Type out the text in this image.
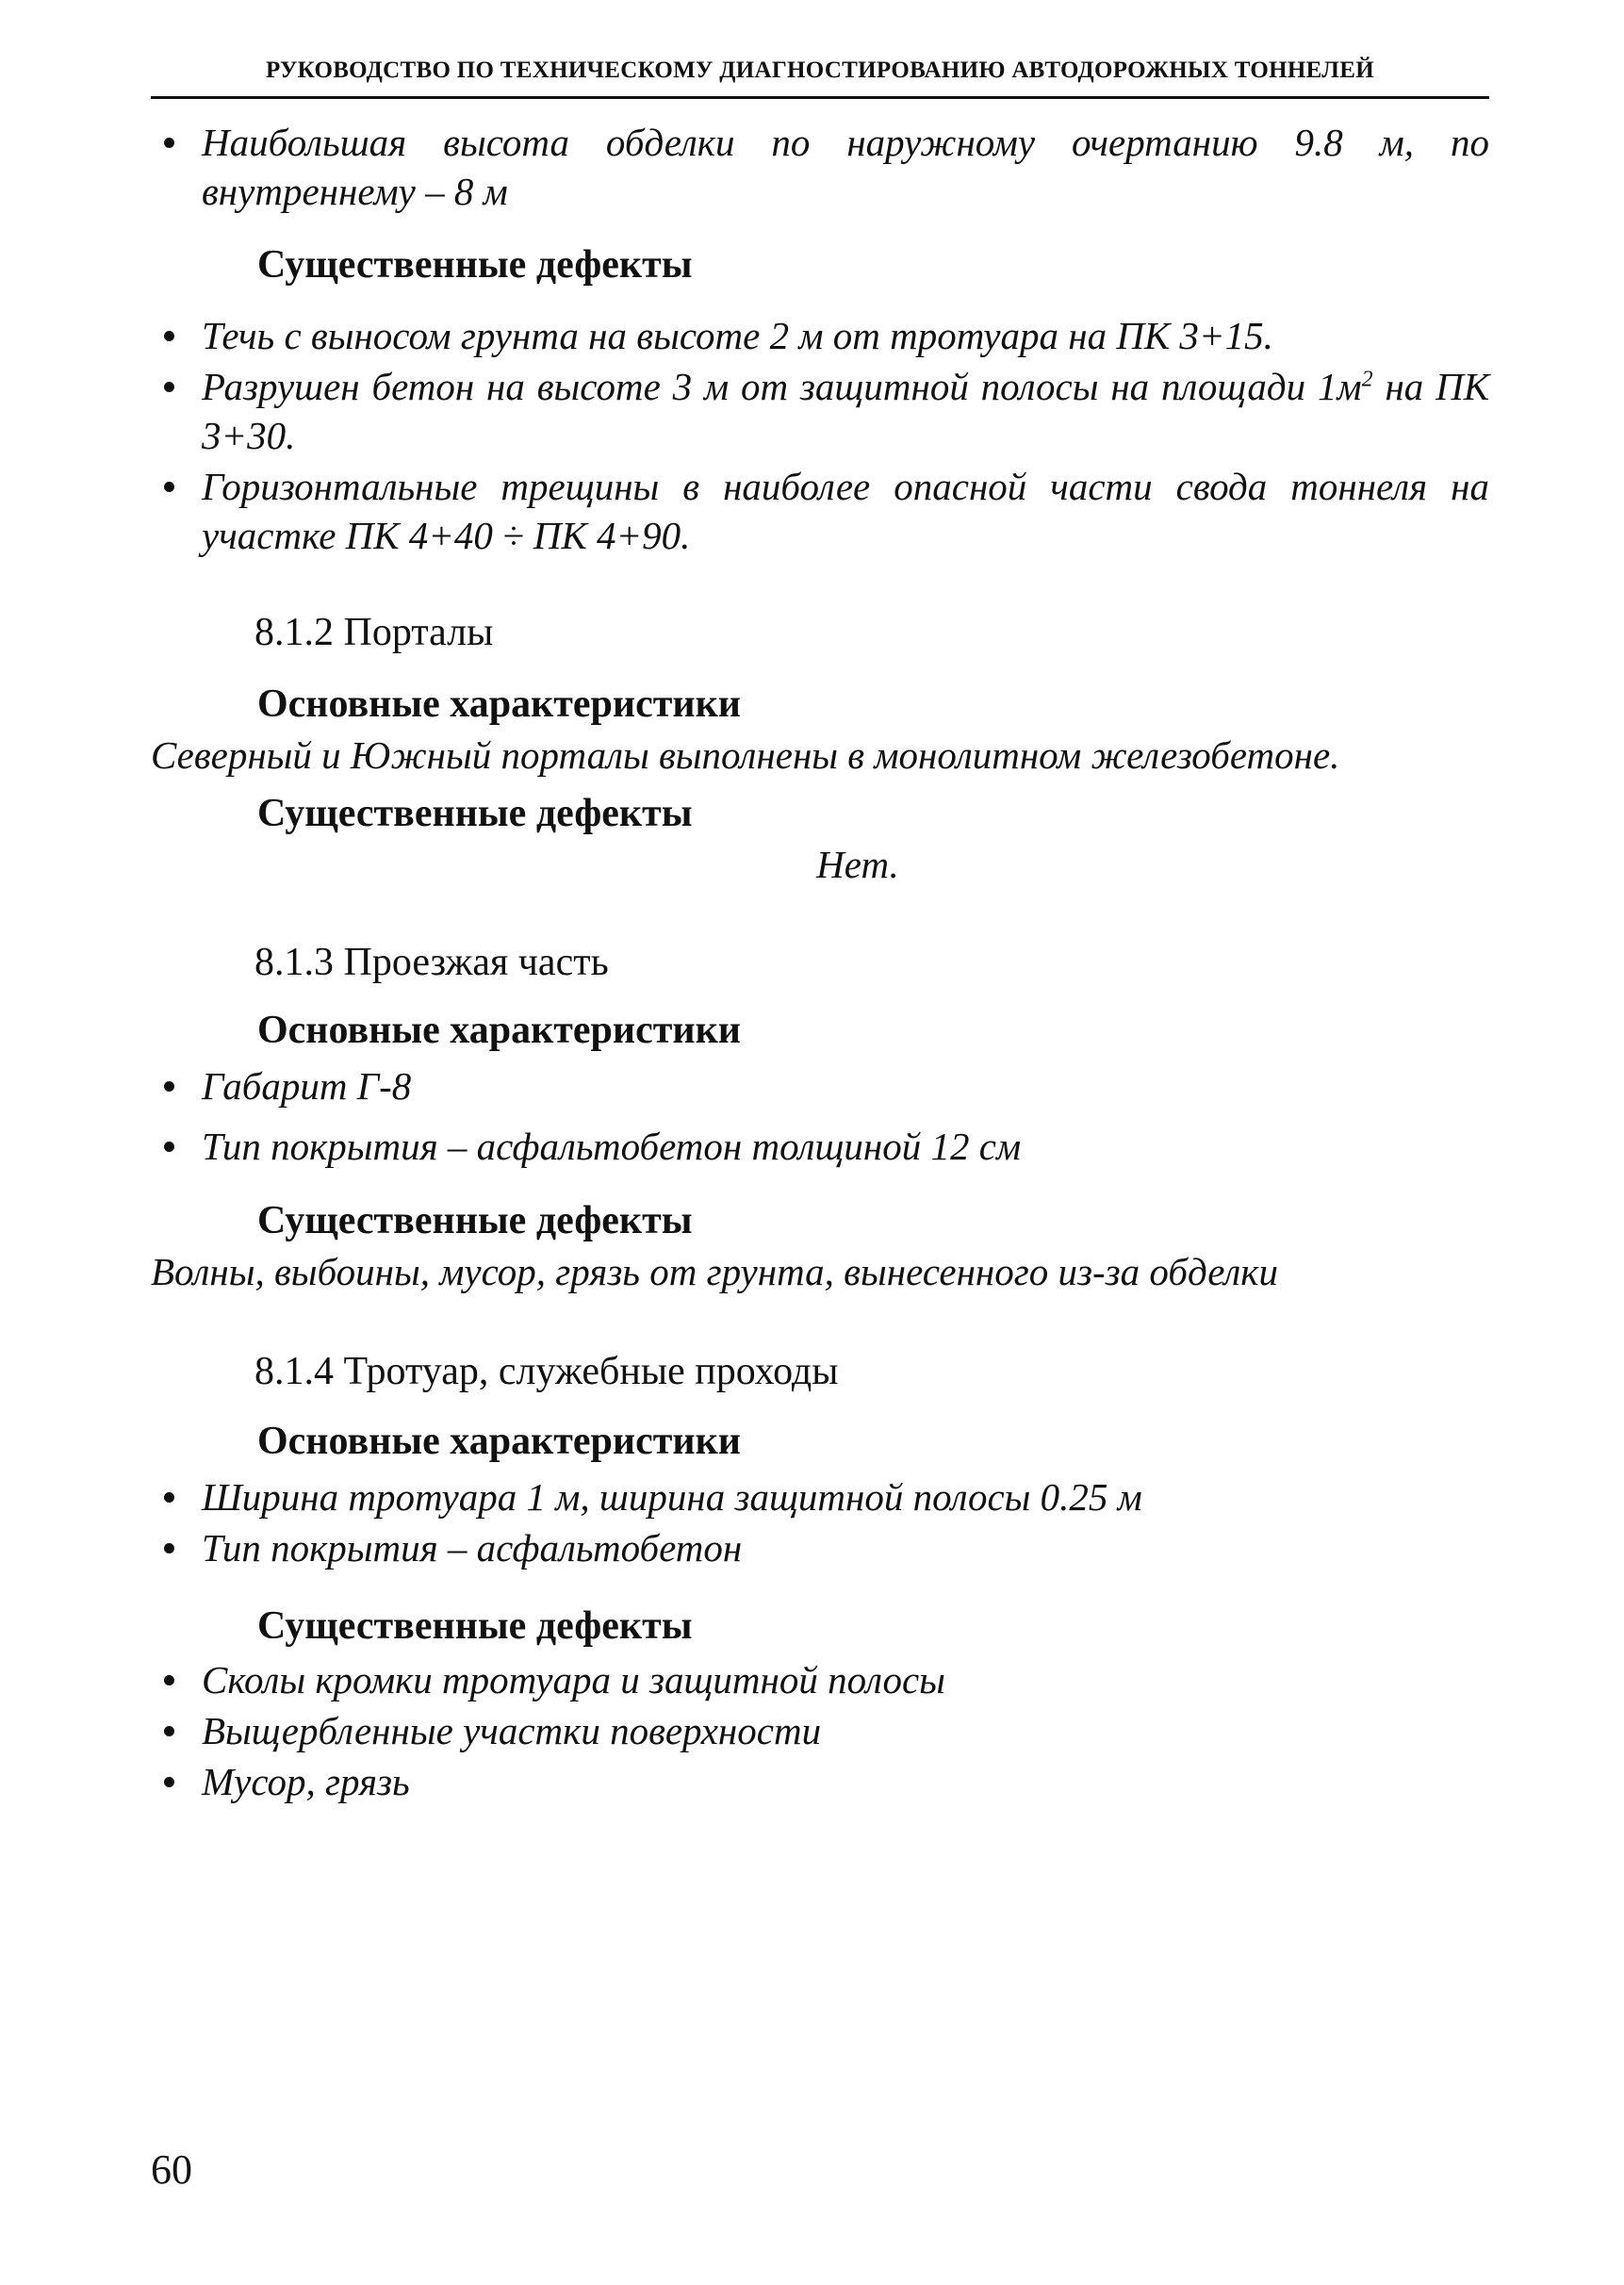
РУКОВОДСТВО ПО ТЕХНИЧЕСКОМУ ДИАГНОСТИРОВАНИЮ АВТОДОРОЖНЫХ ТОННЕЛЕЙ
Наибольшая высота обделки по наружному очертанию 9.8 м, по внутреннему – 8 м
Существенные дефекты
Течь с выносом грунта на высоте 2 м от тротуара на ПК 3+15.
Разрушен бетон на высоте 3 м от защитной полосы на площади $1м^2$ на ПК 3+30.
Горизонтальные трещины в наиболее опасной части свода тоннеля на участке ПК 4+40 ÷ ПК 4+90.
8.1.2 Порталы
Основные характеристики
Северный и Южный порталы выполнены в монолитном железобетоне.
Существенные дефекты
Нет.
8.1.3 Проезжая часть
Основные характеристики
Габарит Г-8
Тип покрытия – асфальтобетон толщиной 12 см
Существенные дефекты
Волны, выбоины, мусор, грязь от грунта, вынесенного из-за обделки
8.1.4 Тротуар, служебные проходы
Основные характеристики
Ширина тротуара 1 м, ширина защитной полосы 0.25 м
Тип покрытия – асфальтобетон
Существенные дефекты
Сколы кромки тротуара и защитной полосы
Выщербленные участки поверхности
Мусор, грязь
60
